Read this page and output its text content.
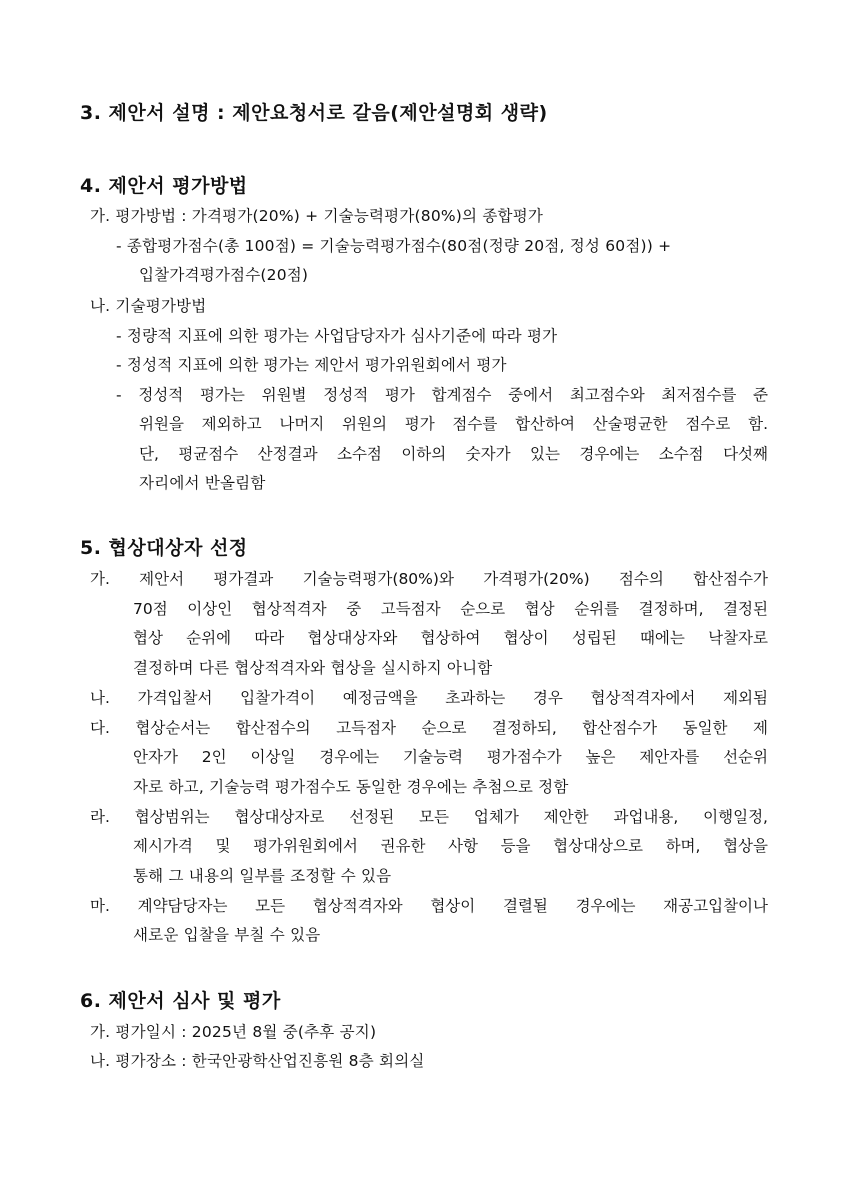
3. 제안서 설명 : 제안요청서로 갈음(제안설명회 생략)
4. 제안서 평가방법
가. 평가방법 : 가격평가(20%) + 기술능력평가(80%)의 종합평가
- 종합평가점수(총 100점) = 기술능력평가점수(80점(정량 20점, 정성 60점)) +
입찰가격평가점수(20점)
나. 기술평가방법
- 정량적 지표에 의한 평가는 사업담당자가 심사기준에 따라 평가
- 정성적 지표에 의한 평가는 제안서 평가위원회에서 평가
- 정성적 평가는 위원별 정성적 평가 합계점수 중에서 최고점수와 최저점수를 준
위원을 제외하고 나머지 위원의 평가 점수를 합산하여 산술평균한 점수로 함.
단, 평균점수 산정결과 소수점 이하의 숫자가 있는 경우에는 소수점 다섯째
자리에서 반올림함
5. 협상대상자 선정
가. 제안서 평가결과 기술능력평가(80%)와 가격평가(20%) 점수의 합산점수가
70점 이상인 협상적격자 중 고득점자 순으로 협상 순위를 결정하며, 결정된
협상 순위에 따라 협상대상자와 협상하여 협상이 성립된 때에는 낙찰자로
결정하며 다른 협상적격자와 협상을 실시하지 아니함
나. 가격입찰서 입찰가격이 예정금액을 초과하는 경우 협상적격자에서 제외됨
다. 협상순서는 합산점수의 고득점자 순으로 결정하되, 합산점수가 동일한 제
안자가 2인 이상일 경우에는 기술능력 평가점수가 높은 제안자를 선순위
자로 하고, 기술능력 평가점수도 동일한 경우에는 추첨으로 정함
라. 협상범위는 협상대상자로 선정된 모든 업체가 제안한 과업내용, 이행일정,
제시가격 및 평가위원회에서 권유한 사항 등을 협상대상으로 하며, 협상을
통해 그 내용의 일부를 조정할 수 있음
마. 계약담당자는 모든 협상적격자와 협상이 결렬될 경우에는 재공고입찰이나
새로운 입찰을 부칠 수 있음
6. 제안서 심사 및 평가
가. 평가일시 : 2025년 8월 중(추후 공지)
나. 평가장소 : 한국안광학산업진흥원 8층 회의실
